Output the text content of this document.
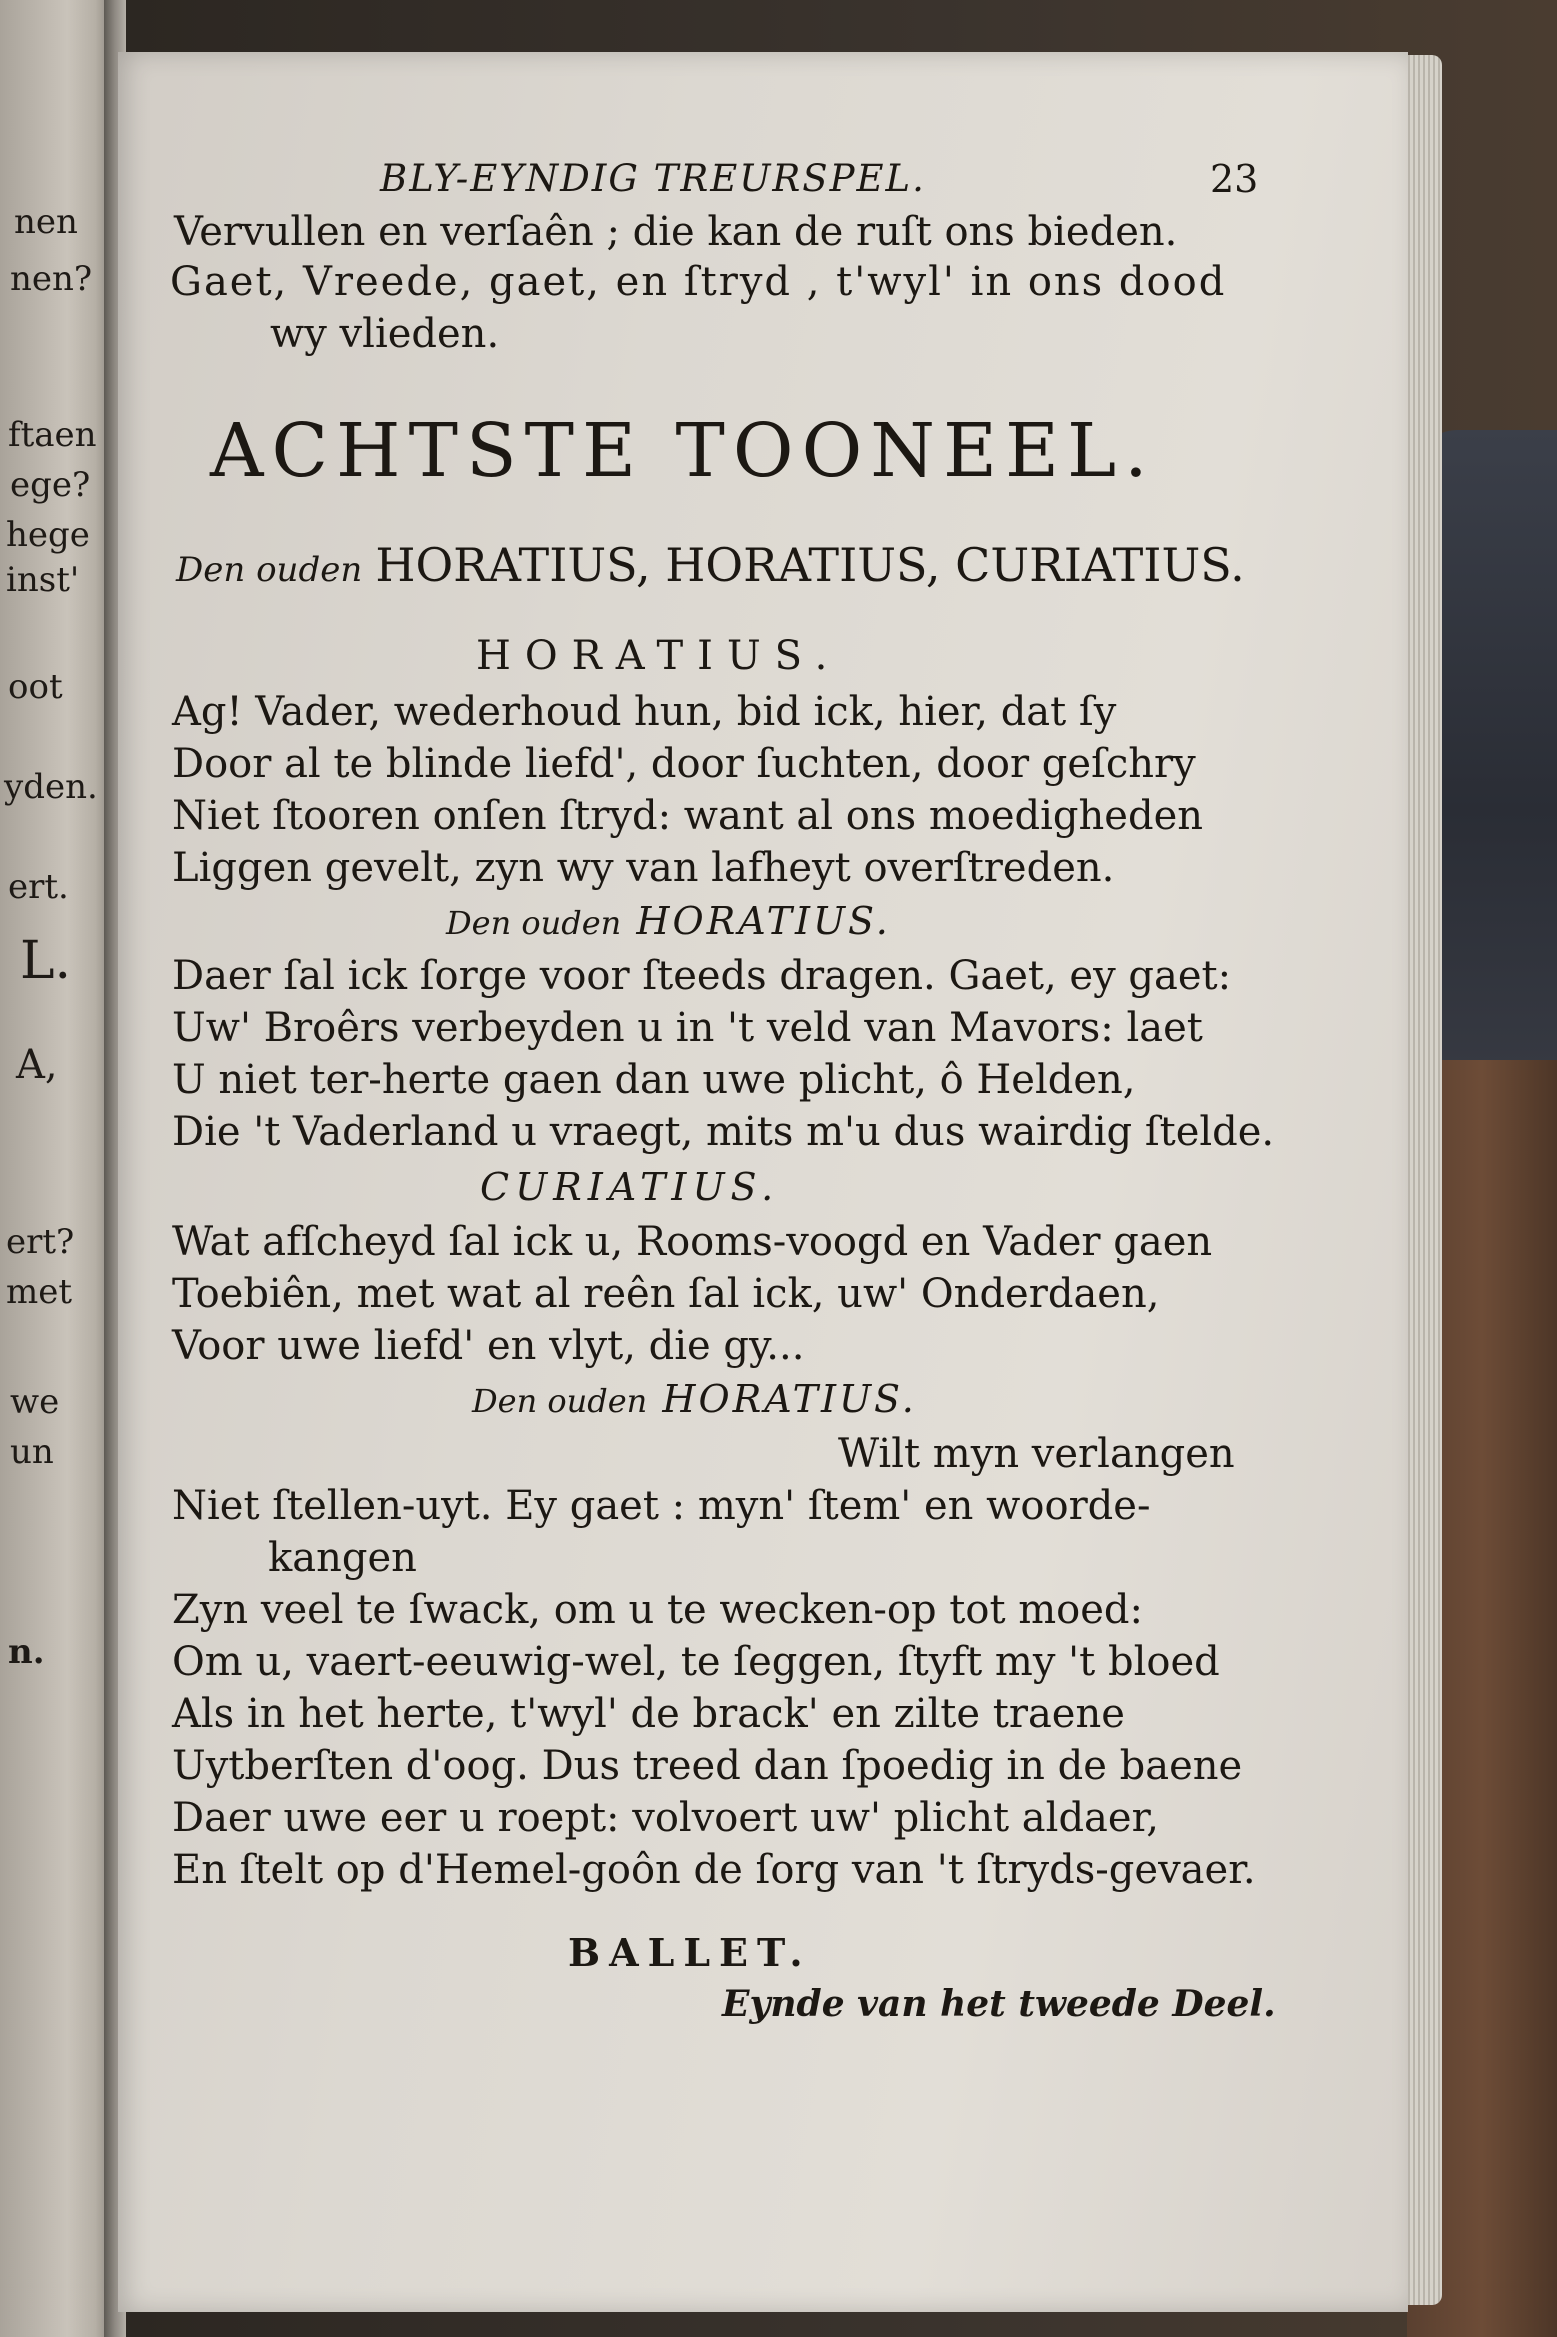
nen
nen?
ftaen
ege?
hege
inst'
oot
yden.
ert.
L.
A,
ert?
met
we
un
n.
BLY-EYNDIG TREURSPEL.	23
Vervullen en verſaên ; die kan de ruſt ons bieden.
Gaet, Vreede, gaet, en ſtryd , t'wyl' in ons dood
wy vlieden.
ACHTSTE TOONEEL.
Den ouden HORATIUS, HORATIUS, CURIATIUS.
HORATIUS.
Ag! Vader, wederhoud hun, bid ick, hier, dat ſy
Door al te blinde liefd', door ſuchten, door geſchry
Niet ſtooren onſen ſtryd: want al ons moedigheden
Liggen gevelt, zyn wy van lafheyt overſtreden.
Den ouden HORATIUS.
Daer ſal ick ſorge voor ſteeds dragen. Gaet, ey gaet:
Uw' Broêrs verbeyden u in 't veld van Mavors: laet
U niet ter-herte gaen dan uwe plicht, ô Helden,
Die 't Vaderland u vraegt, mits m'u dus wairdig ſtelde.
CURIATIUS.
Wat afſcheyd ſal ick u, Rooms-voogd en Vader gaen
Toebiên, met wat al reên ſal ick, uw' Onderdaen,
Voor uwe liefd' en vlyt, die gy...
Den ouden HORATIUS.
Wilt myn verlangen
Niet ſtellen-uyt. Ey gaet : myn' ſtem' en woorde-
kangen
Zyn veel te ſwack, om u te wecken-op tot moed:
Om u, vaert-eeuwig-wel, te ſeggen, ſtyft my 't bloed
Als in het herte, t'wyl' de brack' en zilte traene
Uytberſten d'oog. Dus treed dan ſpoedig in de baene
Daer uwe eer u roept: volvoert uw' plicht aldaer,
En ſtelt op d'Hemel-goôn de ſorg van 't ſtryds-gevaer.
BALLET.
Eynde van het tweede Deel.
